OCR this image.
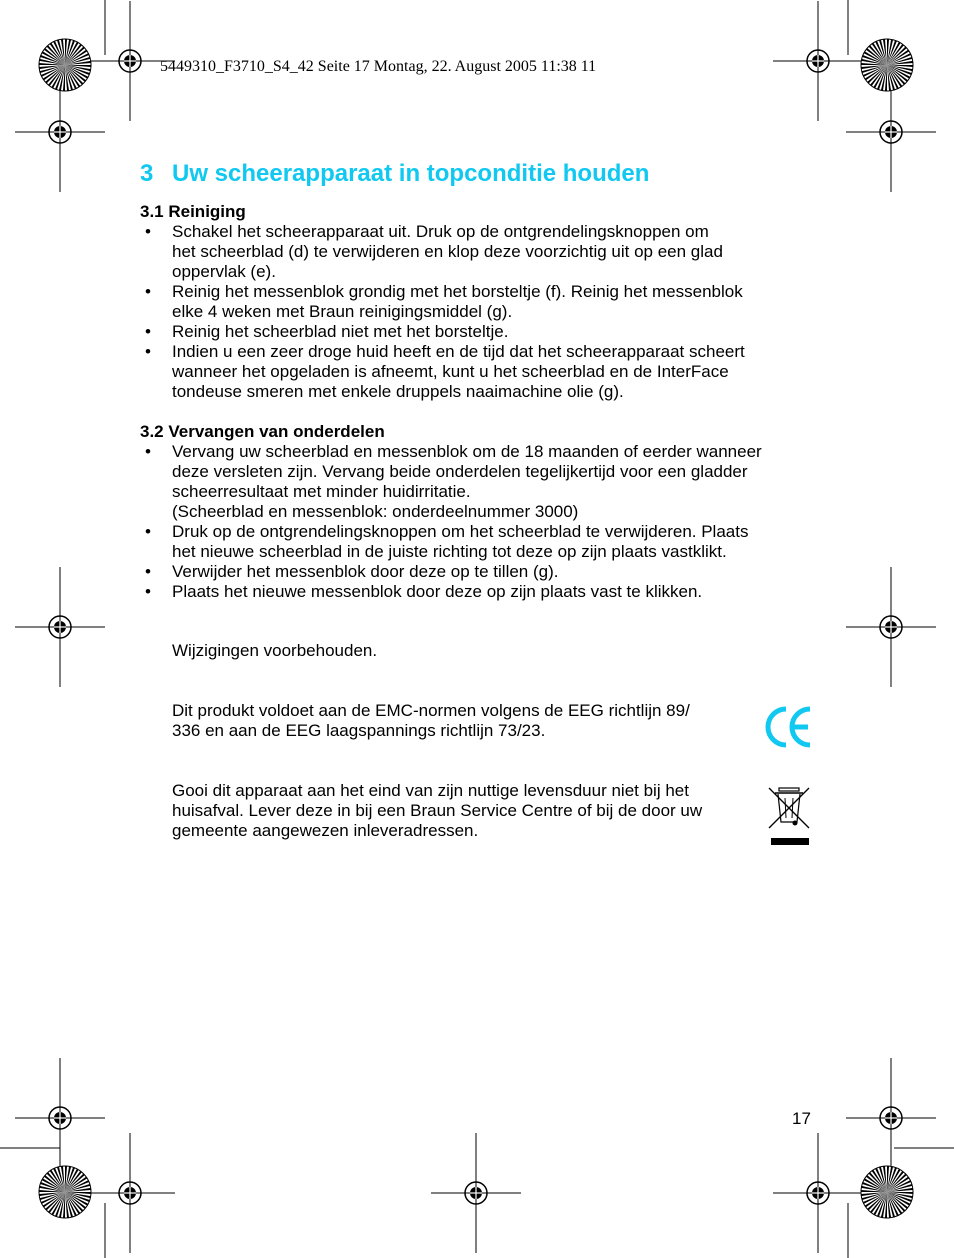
5449310_F3710_S4_42 Seite 17 Montag, 22. August 2005 11:38 11
3 Uw scheerapparaat in topconditie houden
3.1 Reiniging
• Schakel het scheerapparaat uit. Druk op de ontgrendelingsknoppen om
het scheerblad (d) te verwijderen en klop deze voorzichtig uit op een glad
oppervlak (e).
• Reinig het messenblok grondig met het borsteltje (f). Reinig het messenblok
elke 4 weken met Braun reinigingsmiddel (g).
• Reinig het scheerblad niet met het borsteltje.
• Indien u een zeer droge huid heeft en de tijd dat het scheerapparaat scheert
wanneer het opgeladen is afneemt, kunt u het scheerblad en de InterFace
tondeuse smeren met enkele druppels naaimachine olie (g).
3.2 Vervangen van onderdelen
• Vervang uw scheerblad en messenblok om de 18 maanden of eerder wanneer
deze versleten zijn. Vervang beide onderdelen tegelijkertijd voor een gladder
scheerresultaat met minder huidirritatie.
(Scheerblad en messenblok: onderdeelnummer 3000)
• Druk op de ontgrendelingsknoppen om het scheerblad te verwijderen. Plaats
het nieuwe scheerblad in de juiste richting tot deze op zijn plaats vastklikt.
• Verwijder het messenblok door deze op te tillen (g).
• Plaats het nieuwe messenblok door deze op zijn plaats vast te klikken.
Wijzigingen voorbehouden.
Dit produkt voldoet aan de EMC-normen volgens de EEG richtlijn 89/
336 en aan de EEG laagspannings richtlijn 73/23.
Gooi dit apparaat aan het eind van zijn nuttige levensduur niet bij het
huisafval. Lever deze in bij een Braun Service Centre of bij de door uw
gemeente aangewezen inleveradressen.
17
